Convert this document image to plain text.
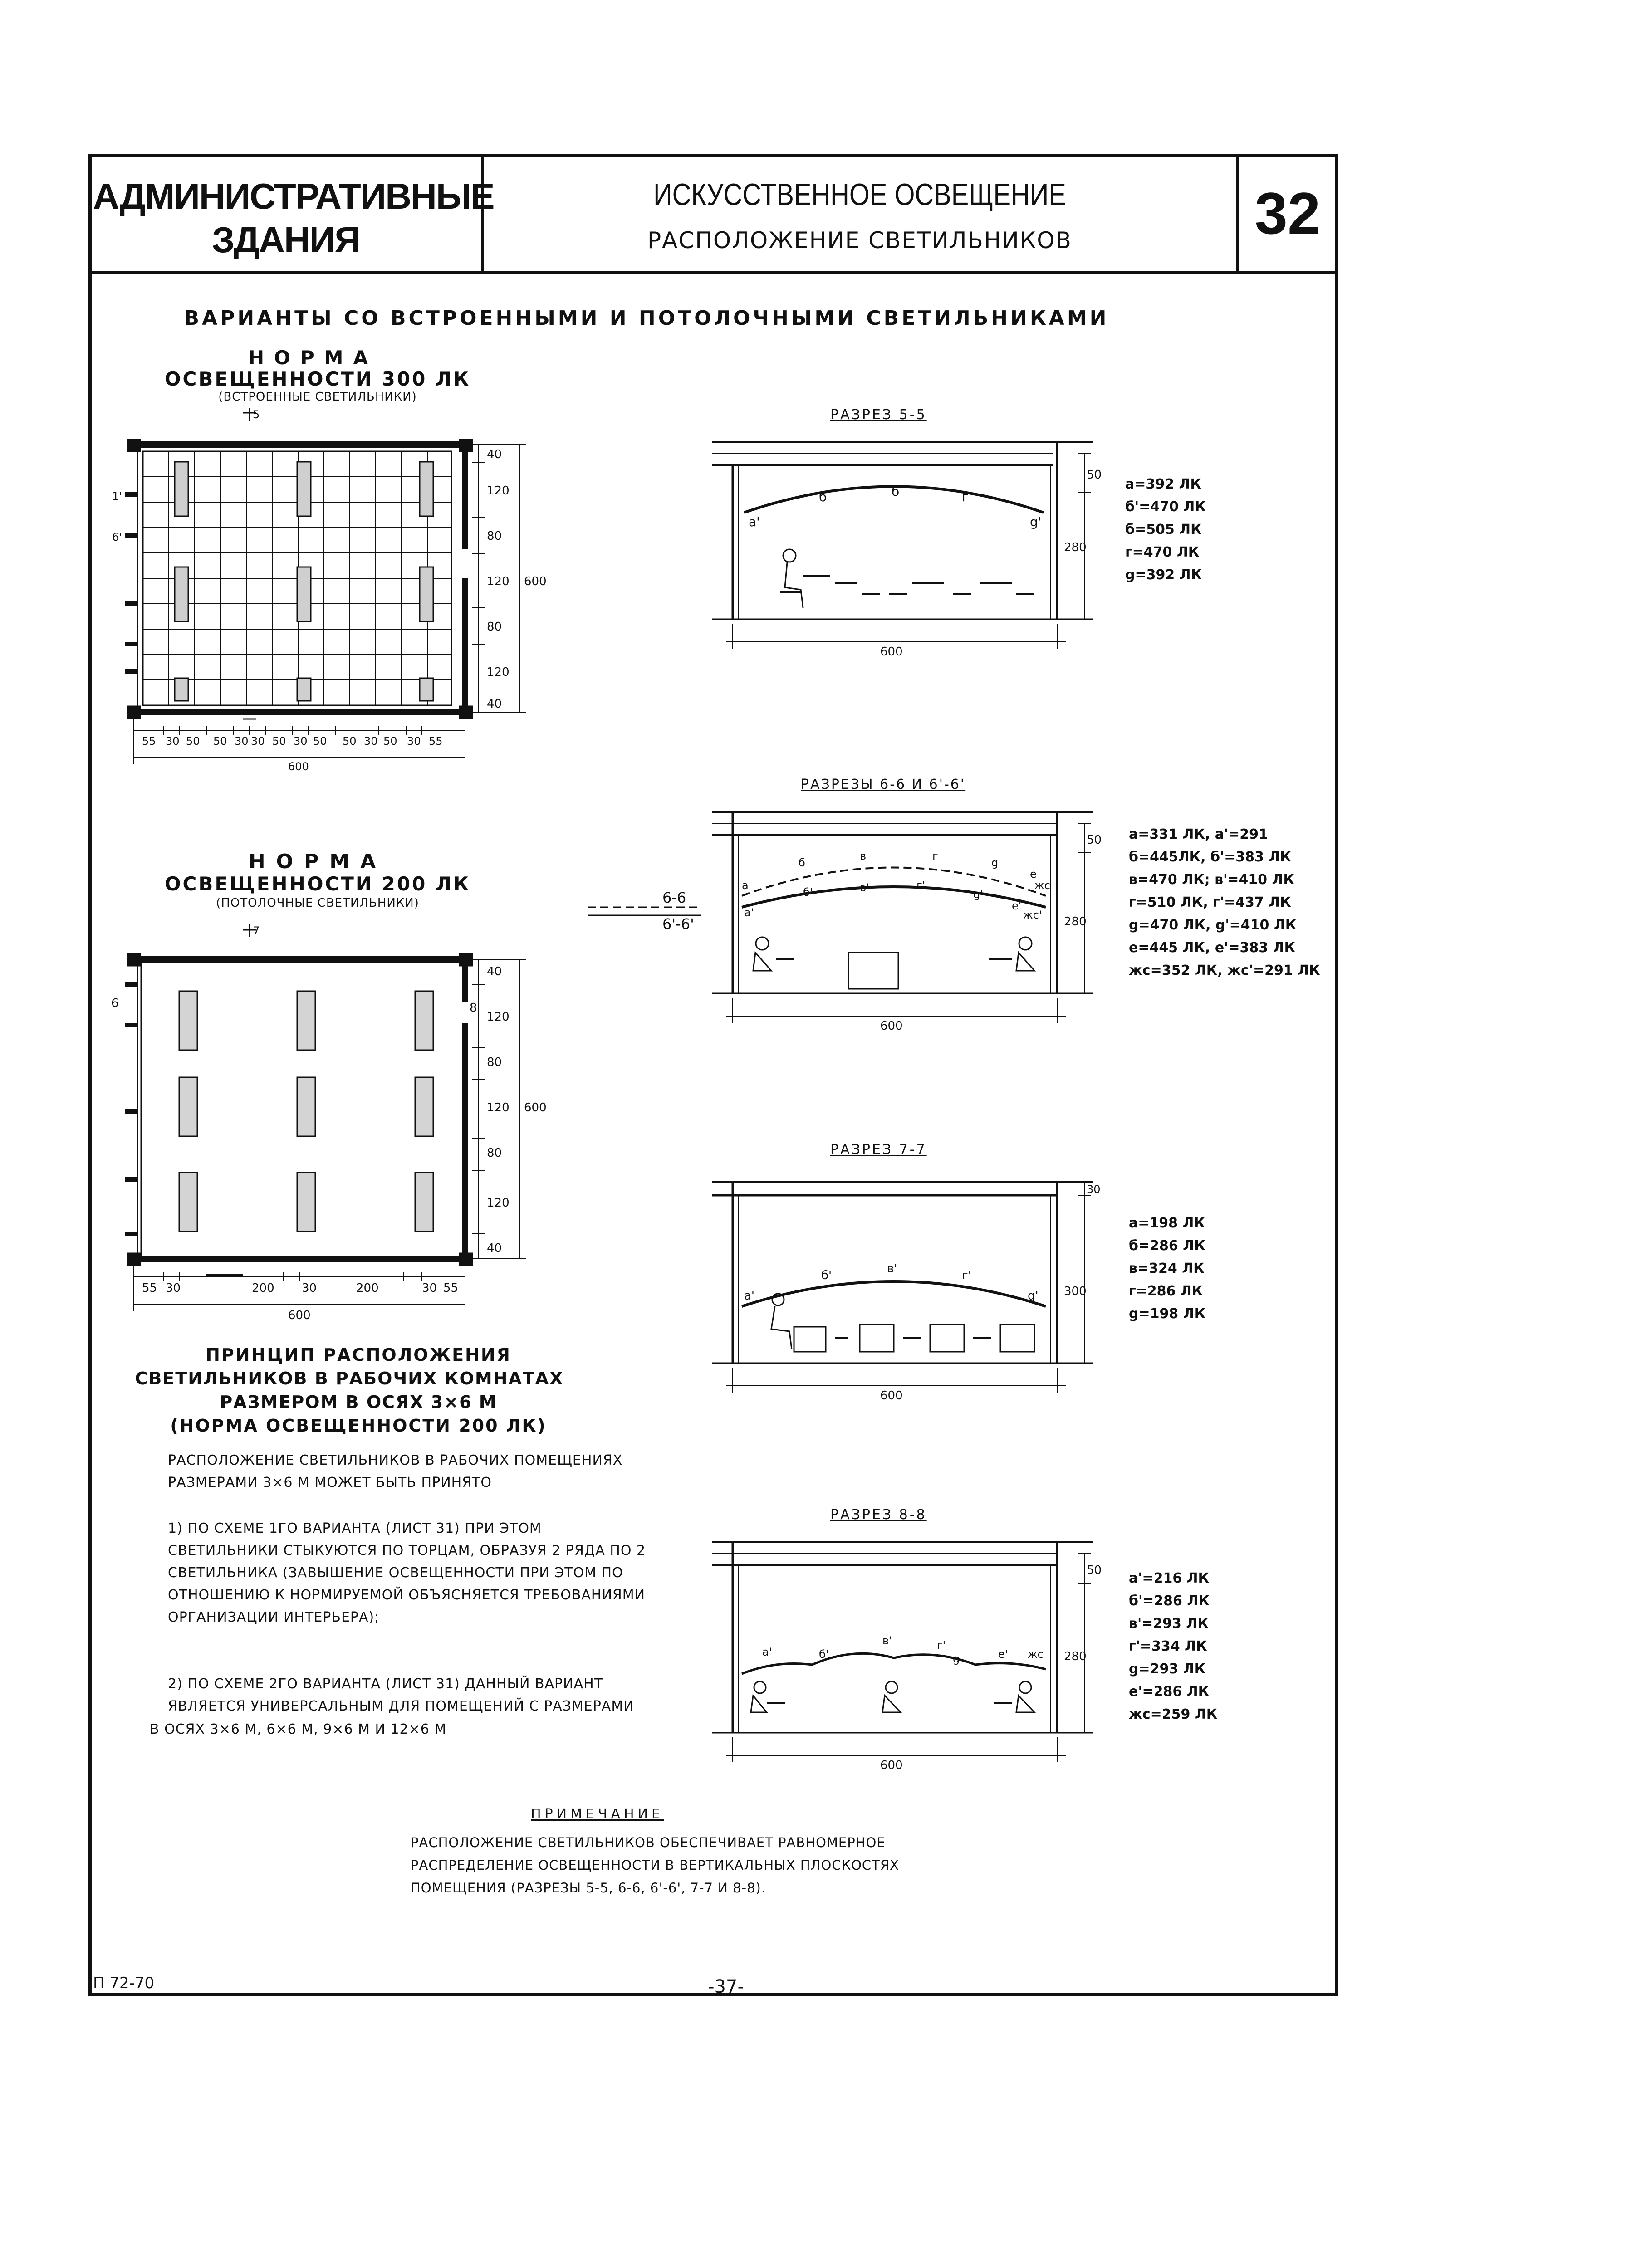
АДМИНИСТРАТИВНЫЕ ЗДАНИЯ
ИСКУССТВЕННОЕ ОСВЕЩЕНИЕ
РАСПОЛОЖЕНИЕ СВЕТИЛЬНИКОВ	32
ВАРИАНТЫ СО ВСТРОЕННЫМИ И ПОТОЛОЧНЫМИ СВЕТИЛЬНИКАМИ
НОРМА
ОСВЕЩЕННОСТИ 300 ЛК
(ВСТРОЕННЫЕ СВЕТИЛЬНИКИ)
5
1'
6'
40
120
80
120
80
120
40
600
55 30 50 50 30 30 50 30 50 50 30 50 30 55
600
НОРМА
ОСВЕЩЕННОСТИ 200 ЛК
(ПОТОЛОЧНЫЕ СВЕТИЛЬНИКИ)	6-6
6'-6'
7
6	8
40
120
80
120
80
120
40
600
55 30	200 30	200	30 55
600
РАЗРЕЗ 5-5
a'
б	б	г
g'
50
280
600
а=392 ЛК
б'=470 ЛК
б=505 ЛК
г=470 ЛК
g=392 ЛК
РАЗРЕЗЫ 6-6 И 6'-6'
a
б
в	г
g
е
жс
a'
б'	в'	г'
g'
е'
жс'
50
280
600
а=331 ЛК, а'=291
б=445ЛК, б'=383 ЛК
в=470 ЛК; в'=410 ЛК
г=510 ЛК, г'=437 ЛК
g=470 ЛК, g'=410 ЛК
е=445 ЛК, е'=383 ЛК
жс=352 ЛК, жс'=291 ЛК
РАЗРЕЗ 7-7
a'
б'	в'	г'
g'
30
300
600
а=198 ЛК
б=286 ЛК
в=324 ЛК
г=286 ЛК
g=198 ЛК
ПРИНЦИП РАСПОЛОЖЕНИЯ
СВЕТИЛЬНИКОВ В РАБОЧИХ КОМНАТАХ
РАЗМЕРОМ В ОСЯХ 3×6 М
(НОРМА ОСВЕЩЕННОСТИ 200 ЛК)
РАСПОЛОЖЕНИЕ СВЕТИЛЬНИКОВ В РАБОЧИХ ПОМЕЩЕНИЯХ РАЗМЕРАМИ 3×6 М МОЖЕТ БЫТЬ ПРИНЯТО
1) ПО СХЕМЕ 1ГО ВАРИАНТА (ЛИСТ 31) ПРИ ЭТОМ СВЕТИЛЬНИКИ СТЫКУЮТСЯ ПО ТОРЦАМ, ОБРАЗУЯ 2 РЯДА ПО 2 СВЕТИЛЬНИКА (ЗАВЫШЕНИЕ ОСВЕЩЕННОСТИ ПРИ ЭТОМ ПО ОТНОШЕНИЮ К НОРМИРУЕМОЙ ОБЪЯСНЯЕТСЯ ТРЕБОВАНИЯМИ ОРГАНИЗАЦИИ ИНТЕРЬЕРА);
2) ПО СХЕМЕ 2ГО ВАРИАНТА (ЛИСТ 31) ДАННЫЙ ВАРИАНТ ЯВЛЯЕТСЯ УНИВЕРСАЛЬНЫМ ДЛЯ ПОМЕЩЕНИЙ С РАЗМЕРАМИ
В ОСЯХ 3×6 М, 6×6 М, 9×6 М И 12×6 М
РАЗРЕЗ 8-8
a'	б'
в'	г'
g	е' жс
50
280
600
а'=216 ЛК
б'=286 ЛК
в'=293 ЛК
г'=334 ЛК
g=293 ЛК
е'=286 ЛК
жс=259 ЛК
ПРИМЕЧАНИЕ
РАСПОЛОЖЕНИЕ СВЕТИЛЬНИКОВ ОБЕСПЕЧИВАЕТ РАВНОМЕРНОЕ
РАСПРЕДЕЛЕНИЕ ОСВЕЩЕННОСТИ В ВЕРТИКАЛЬНЫХ ПЛОСКОСТЯХ
ПОМЕЩЕНИЯ (РАЗРЕЗЫ 5-5, 6-6, 6'-6', 7-7 И 8-8).
П 72-70	-37-
